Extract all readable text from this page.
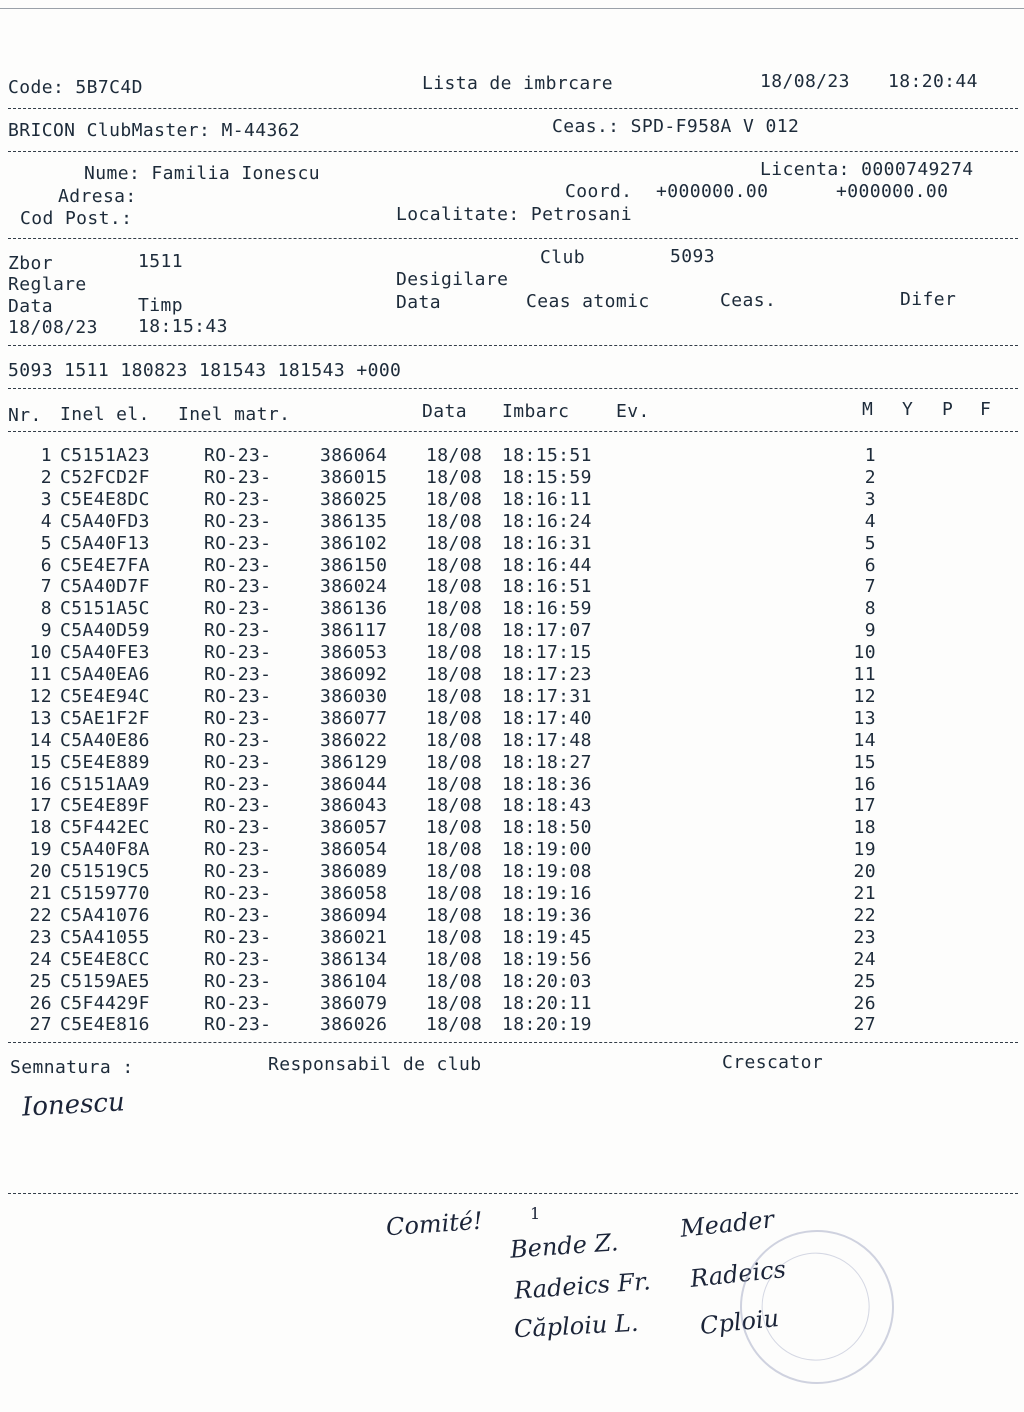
Code: 5B7C4D	Lista de imbrcare	18/08/23 18:20:44
BRICON ClubMaster: M-44362	Ceas.: SPD-F958A V 012
Nume: Familia Ionescu	Licenta: 0000749274
Adresa:	Coord. +000000.00	+000000.00
Cod Post.:	Localitate: Petrosani
Zbor	1511	Club	5093
Reglare	Desigilare
Data	Timp	Data	Ceas atomic	Ceas.	Difer
18/08/23 18:15:43
5093 1511 180823 181543 181543 +000
Nr. Inel el. Inel matr.	Data Imbarc	Ev.	M Y P F
1 C5151A23	RO-23-	386064 18/08 18:15:51	1
2 C52FCD2F	RO-23-	386015 18/08 18:15:59	2
3 C5E4E8DC	RO-23-	386025 18/08 18:16:11	3
4 C5A40FD3	RO-23-	386135 18/08 18:16:24	4
5 C5A40F13	RO-23-	386102 18/08 18:16:31	5
6 C5E4E7FA	RO-23-	386150 18/08 18:16:44	6
7 C5A40D7F	RO-23-	386024 18/08 18:16:51	7
8 C5151A5C	RO-23-	386136 18/08 18:16:59	8
9 C5A40D59	RO-23-	386117 18/08 18:17:07	9
10 C5A40FE3	RO-23-	386053 18/08 18:17:15	10
11 C5A40EA6	RO-23-	386092 18/08 18:17:23	11
12 C5E4E94C	RO-23-	386030 18/08 18:17:31	12
13 C5AE1F2F	RO-23-	386077 18/08 18:17:40	13
14 C5A40E86	RO-23-	386022 18/08 18:17:48	14
15 C5E4E889	RO-23-	386129 18/08 18:18:27	15
16 C5151AA9	RO-23-	386044 18/08 18:18:36	16
17 C5E4E89F	RO-23-	386043 18/08 18:18:43	17
18 C5F442EC	RO-23-	386057 18/08 18:18:50	18
19 C5A40F8A	RO-23-	386054 18/08 18:19:00	19
20 C51519C5	RO-23-	386089 18/08 18:19:08	20
21 C5159770	RO-23-	386058 18/08 18:19:16	21
22 C5A41076	RO-23-	386094 18/08 18:19:36	22
23 C5A41055	RO-23-	386021 18/08 18:19:45	23
24 C5E4E8CC	RO-23-	386134 18/08 18:19:56	24
25 C5159AE5	RO-23-	386104 18/08 18:20:03	25
26 C5F4429F	RO-23-	386079 18/08 18:20:11	26
27 C5E4E816	RO-23-	386026 18/08 18:20:19	27
Semnatura :	Responsabil de club	Crescator
Ionescu
Comité!	1
Bende Z.
Radeics Fr.
Căploiu L.
Meader
Radeics
Cploiu
